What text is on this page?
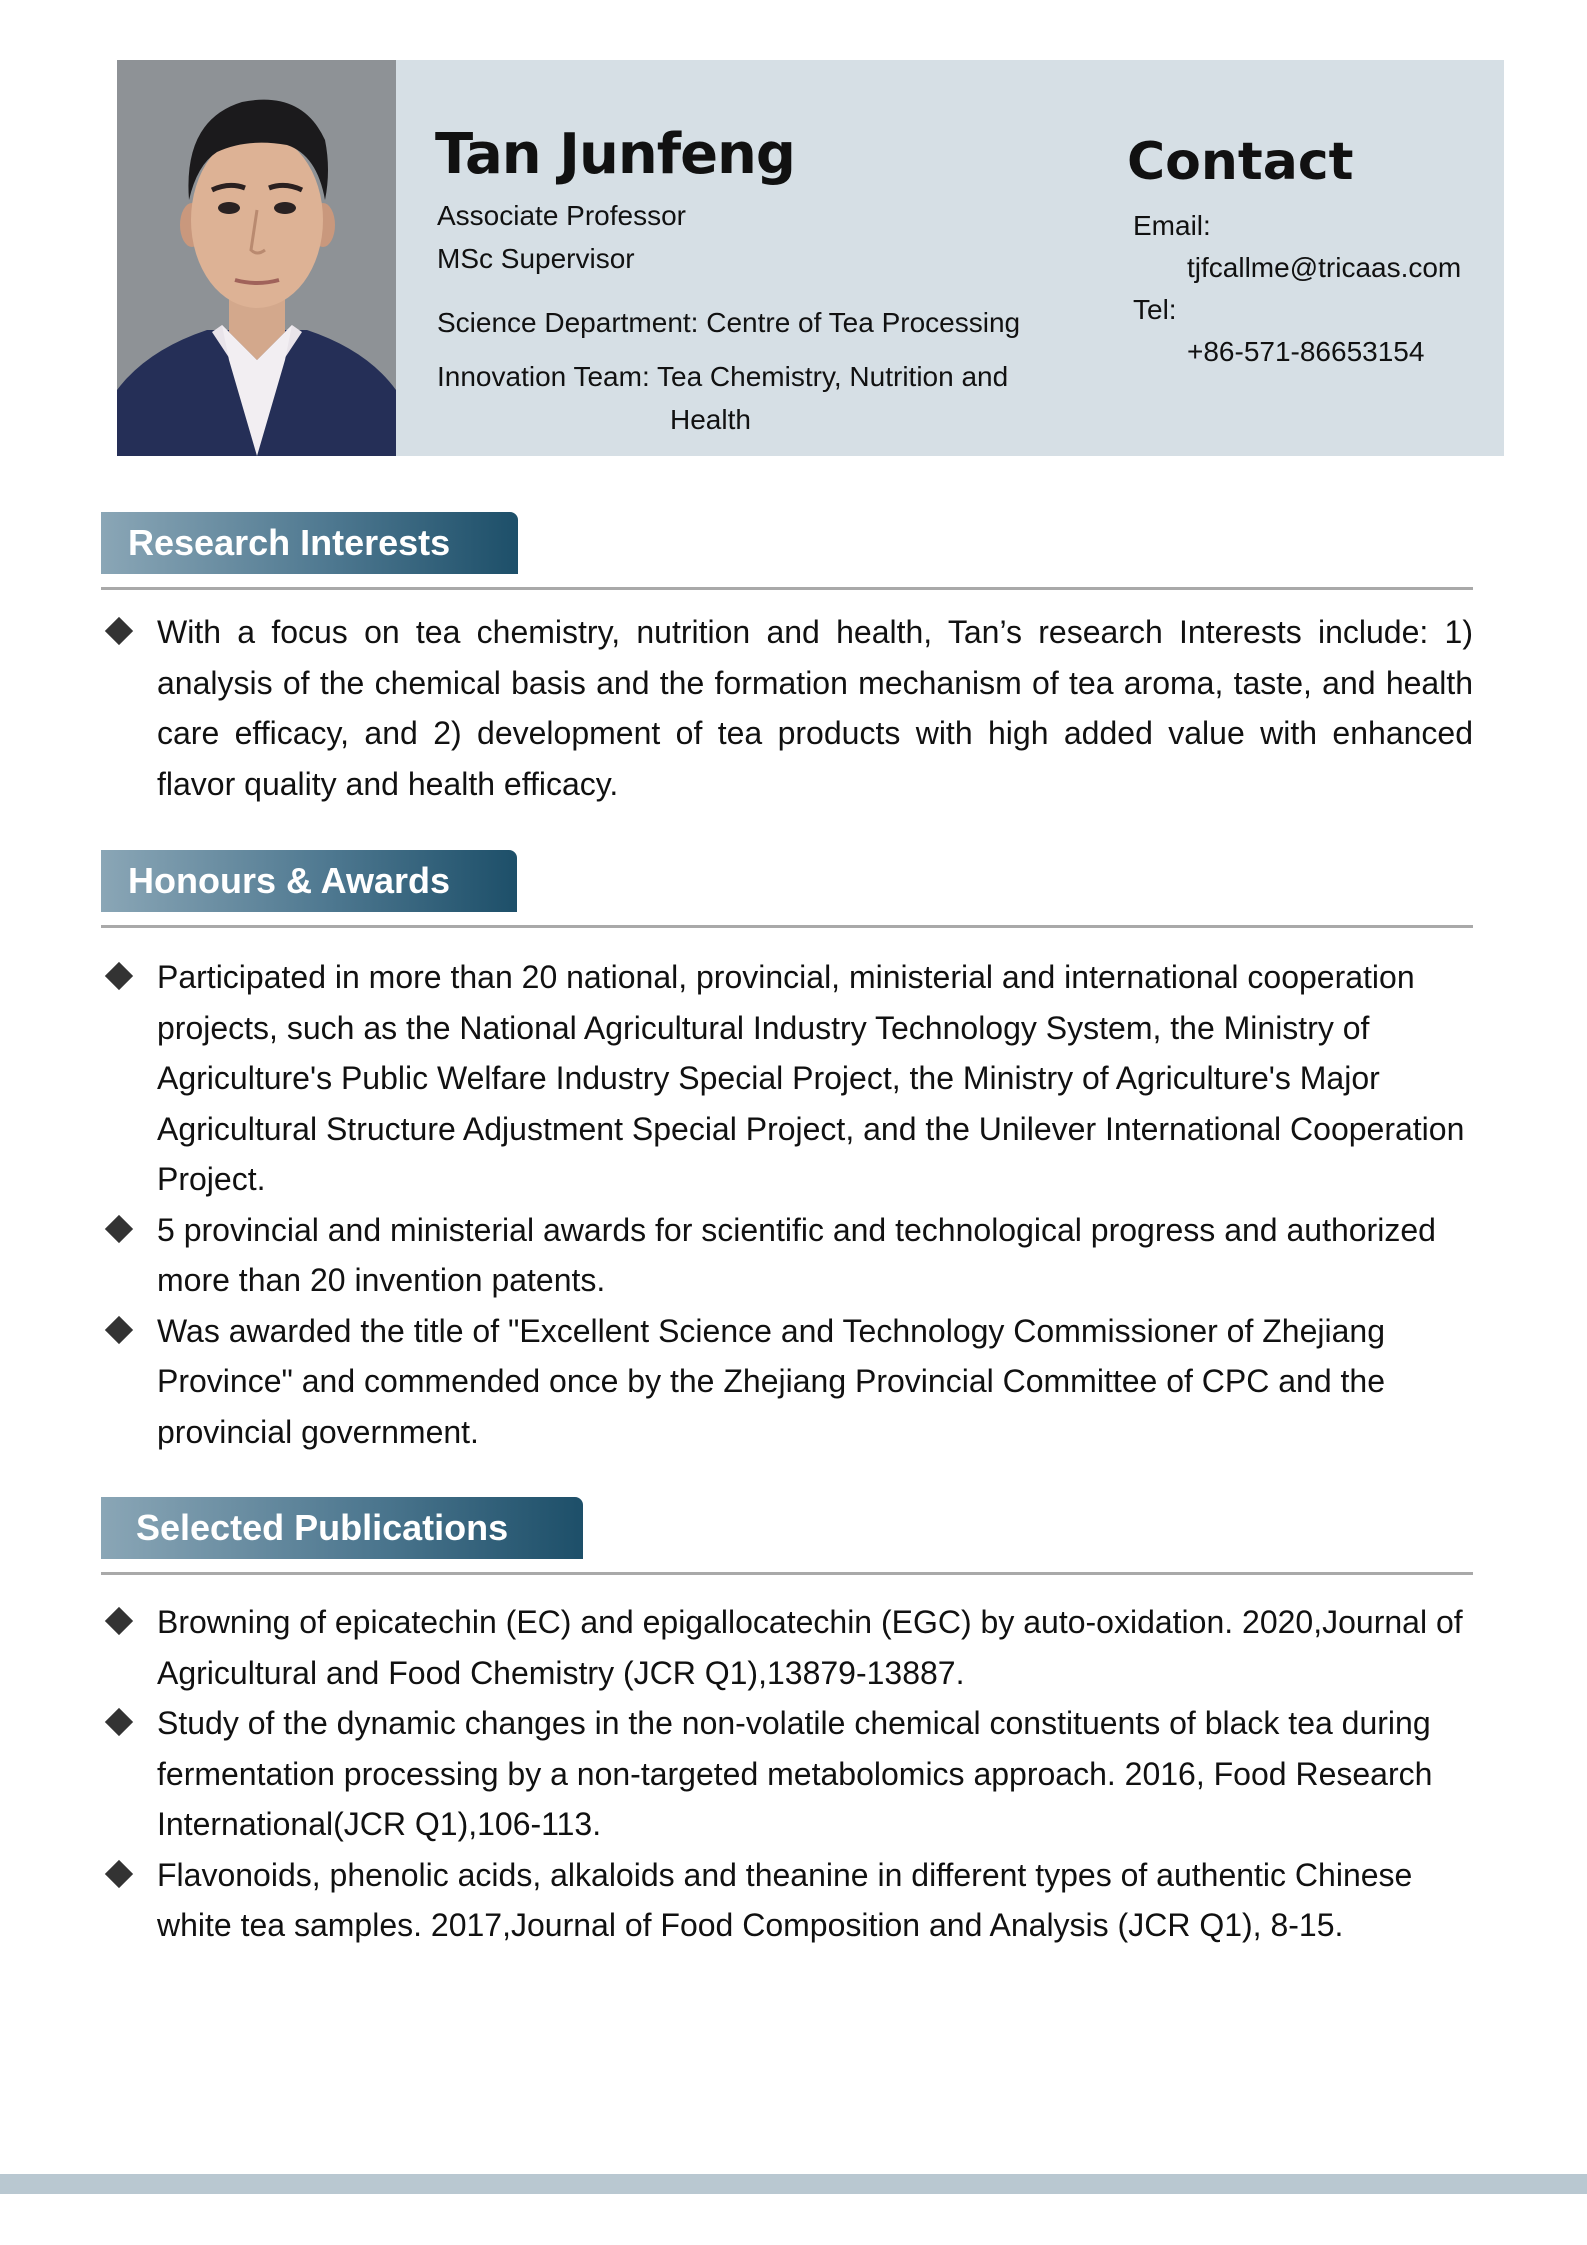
Tan Junfeng
Associate Professor
MSc Supervisor
Science Department: Centre of Tea Processing
Innovation Team: Tea Chemistry, Nutrition and
Health
Contact
Email:
tjfcallme@tricaas.com
Tel:
+86-571-86653154
Research Interests
With a focus on tea chemistry, nutrition and health, Tan’s research Interests include: 1) analysis of the chemical basis and the formation mechanism of tea aroma, taste, and health care efficacy, and 2) development of tea products with high added value with enhanced flavor quality and health efficacy.
Honours & Awards
Participated in more than 20 national, provincial, ministerial and international cooperation projects, such as the National Agricultural Industry Technology System, the Ministry of Agriculture's Public Welfare Industry Special Project, the Ministry of Agriculture's Major Agricultural Structure Adjustment Special Project, and the Unilever International Cooperation Project.
5 provincial and ministerial awards for scientific and technological progress and authorized more than 20 invention patents.
Was awarded the title of "Excellent Science and Technology Commissioner of Zhejiang Province" and commended once by the Zhejiang Provincial Committee of CPC and the provincial government.
Selected Publications
Browning of epicatechin (EC) and epigallocatechin (EGC) by auto-oxidation. 2020,Journal of Agricultural and Food Chemistry (JCR Q1),13879-13887.
Study of the dynamic changes in the non-volatile chemical constituents of black tea during fermentation processing by a non-targeted metabolomics approach. 2016, Food Research International(JCR Q1),106-113.
Flavonoids, phenolic acids, alkaloids and theanine in different types of authentic Chinese white tea samples. 2017,Journal of Food Composition and Analysis (JCR Q1), 8-15.
